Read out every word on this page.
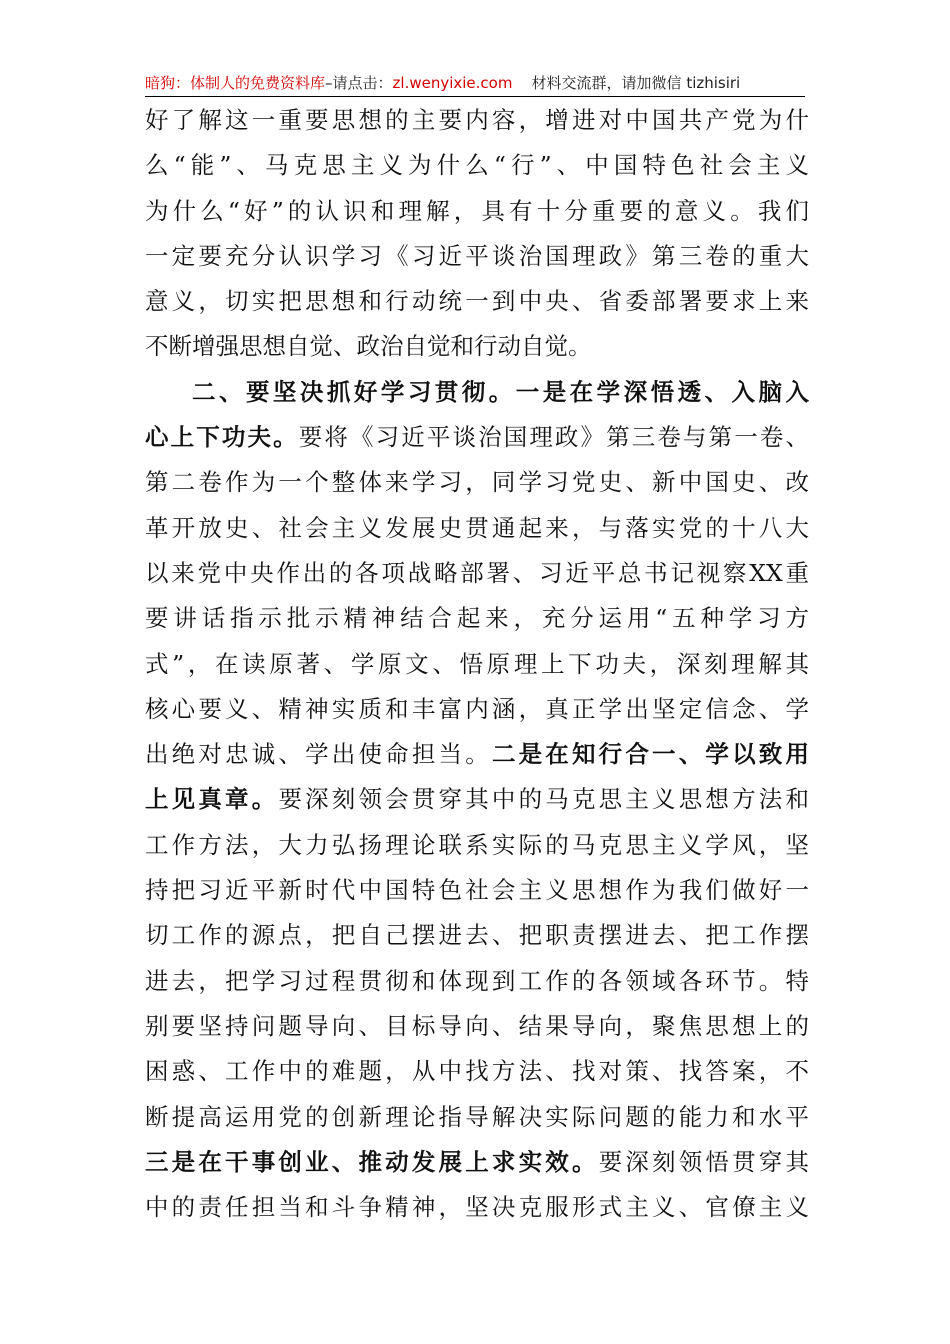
暗狗：体制人的免费资料库–请点击：zl.wenyixie.com 材料交流群，请加微信 tizhisiri
好了解这一重要思想的主要内容，增进对中国共产党为什
么“能”、马克思主义为什么“行”、中国特色社会主义
为什么“好”的认识和理解，具有十分重要的意义。我们
一定要充分认识学习《习近平谈治国理政》第三卷的重大
意义，切实把思想和行动统一到中央、省委部署要求上来
不断增强思想自觉、政治自觉和行动自觉。
二、要坚决抓好学习贯彻。一是在学深悟透、入脑入
心上下功夫。要将《习近平谈治国理政》第三卷与第一卷、
第二卷作为一个整体来学习，同学习党史、新中国史、改
革开放史、社会主义发展史贯通起来，与落实党的十八大
以来党中央作出的各项战略部署、习近平总书记视察XX重
要讲话指示批示精神结合起来，充分运用“五种学习方
式”，在读原著、学原文、悟原理上下功夫，深刻理解其
核心要义、精神实质和丰富内涵，真正学出坚定信念、学
出绝对忠诚、学出使命担当。二是在知行合一、学以致用
上见真章。要深刻领会贯穿其中的马克思主义思想方法和
工作方法，大力弘扬理论联系实际的马克思主义学风，坚
持把习近平新时代中国特色社会主义思想作为我们做好一
切工作的源点，把自己摆进去、把职责摆进去、把工作摆
进去，把学习过程贯彻和体现到工作的各领域各环节。特
别要坚持问题导向、目标导向、结果导向，聚焦思想上的
困惑、工作中的难题，从中找方法、找对策、找答案，不
断提高运用党的创新理论指导解决实际问题的能力和水平
三是在干事创业、推动发展上求实效。要深刻领悟贯穿其
中的责任担当和斗争精神，坚决克服形式主义、官僚主义
